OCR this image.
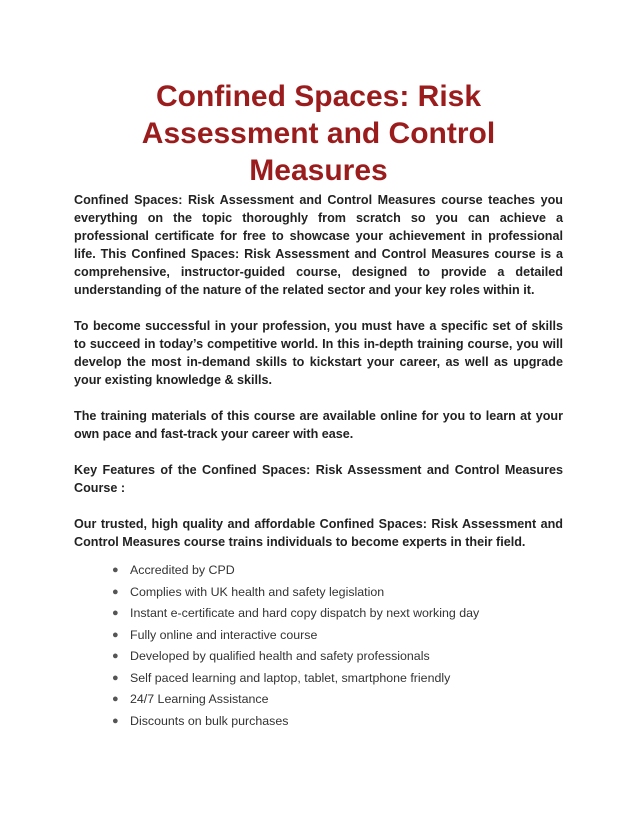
Confined Spaces: Risk Assessment and Control Measures

Confined Spaces: Risk Assessment and Control Measures course teaches you everything on the topic thoroughly from scratch so you can achieve a professional certificate for free to showcase your achievement in professional life. This Confined Spaces: Risk Assessment and Control Measures course is a comprehensive, instructor-guided course, designed to provide a detailed understanding of the nature of the related sector and your key roles within it.

To become successful in your profession, you must have a specific set of skills to succeed in today’s competitive world. In this in-depth training course, you will develop the most in-demand skills to kickstart your career, as well as upgrade your existing knowledge & skills.

The training materials of this course are available online for you to learn at your own pace and fast-track your career with ease.

Key Features of the Confined Spaces: Risk Assessment and Control Measures Course :

Our trusted, high quality and affordable Confined Spaces: Risk Assessment and Control Measures course trains individuals to become experts in their field.

● Accredited by CPD
● Complies with UK health and safety legislation
● Instant e-certificate and hard copy dispatch by next working day
● Fully online and interactive course
● Developed by qualified health and safety professionals
● Self paced learning and laptop, tablet, smartphone friendly
● 24/7 Learning Assistance
● Discounts on bulk purchases
